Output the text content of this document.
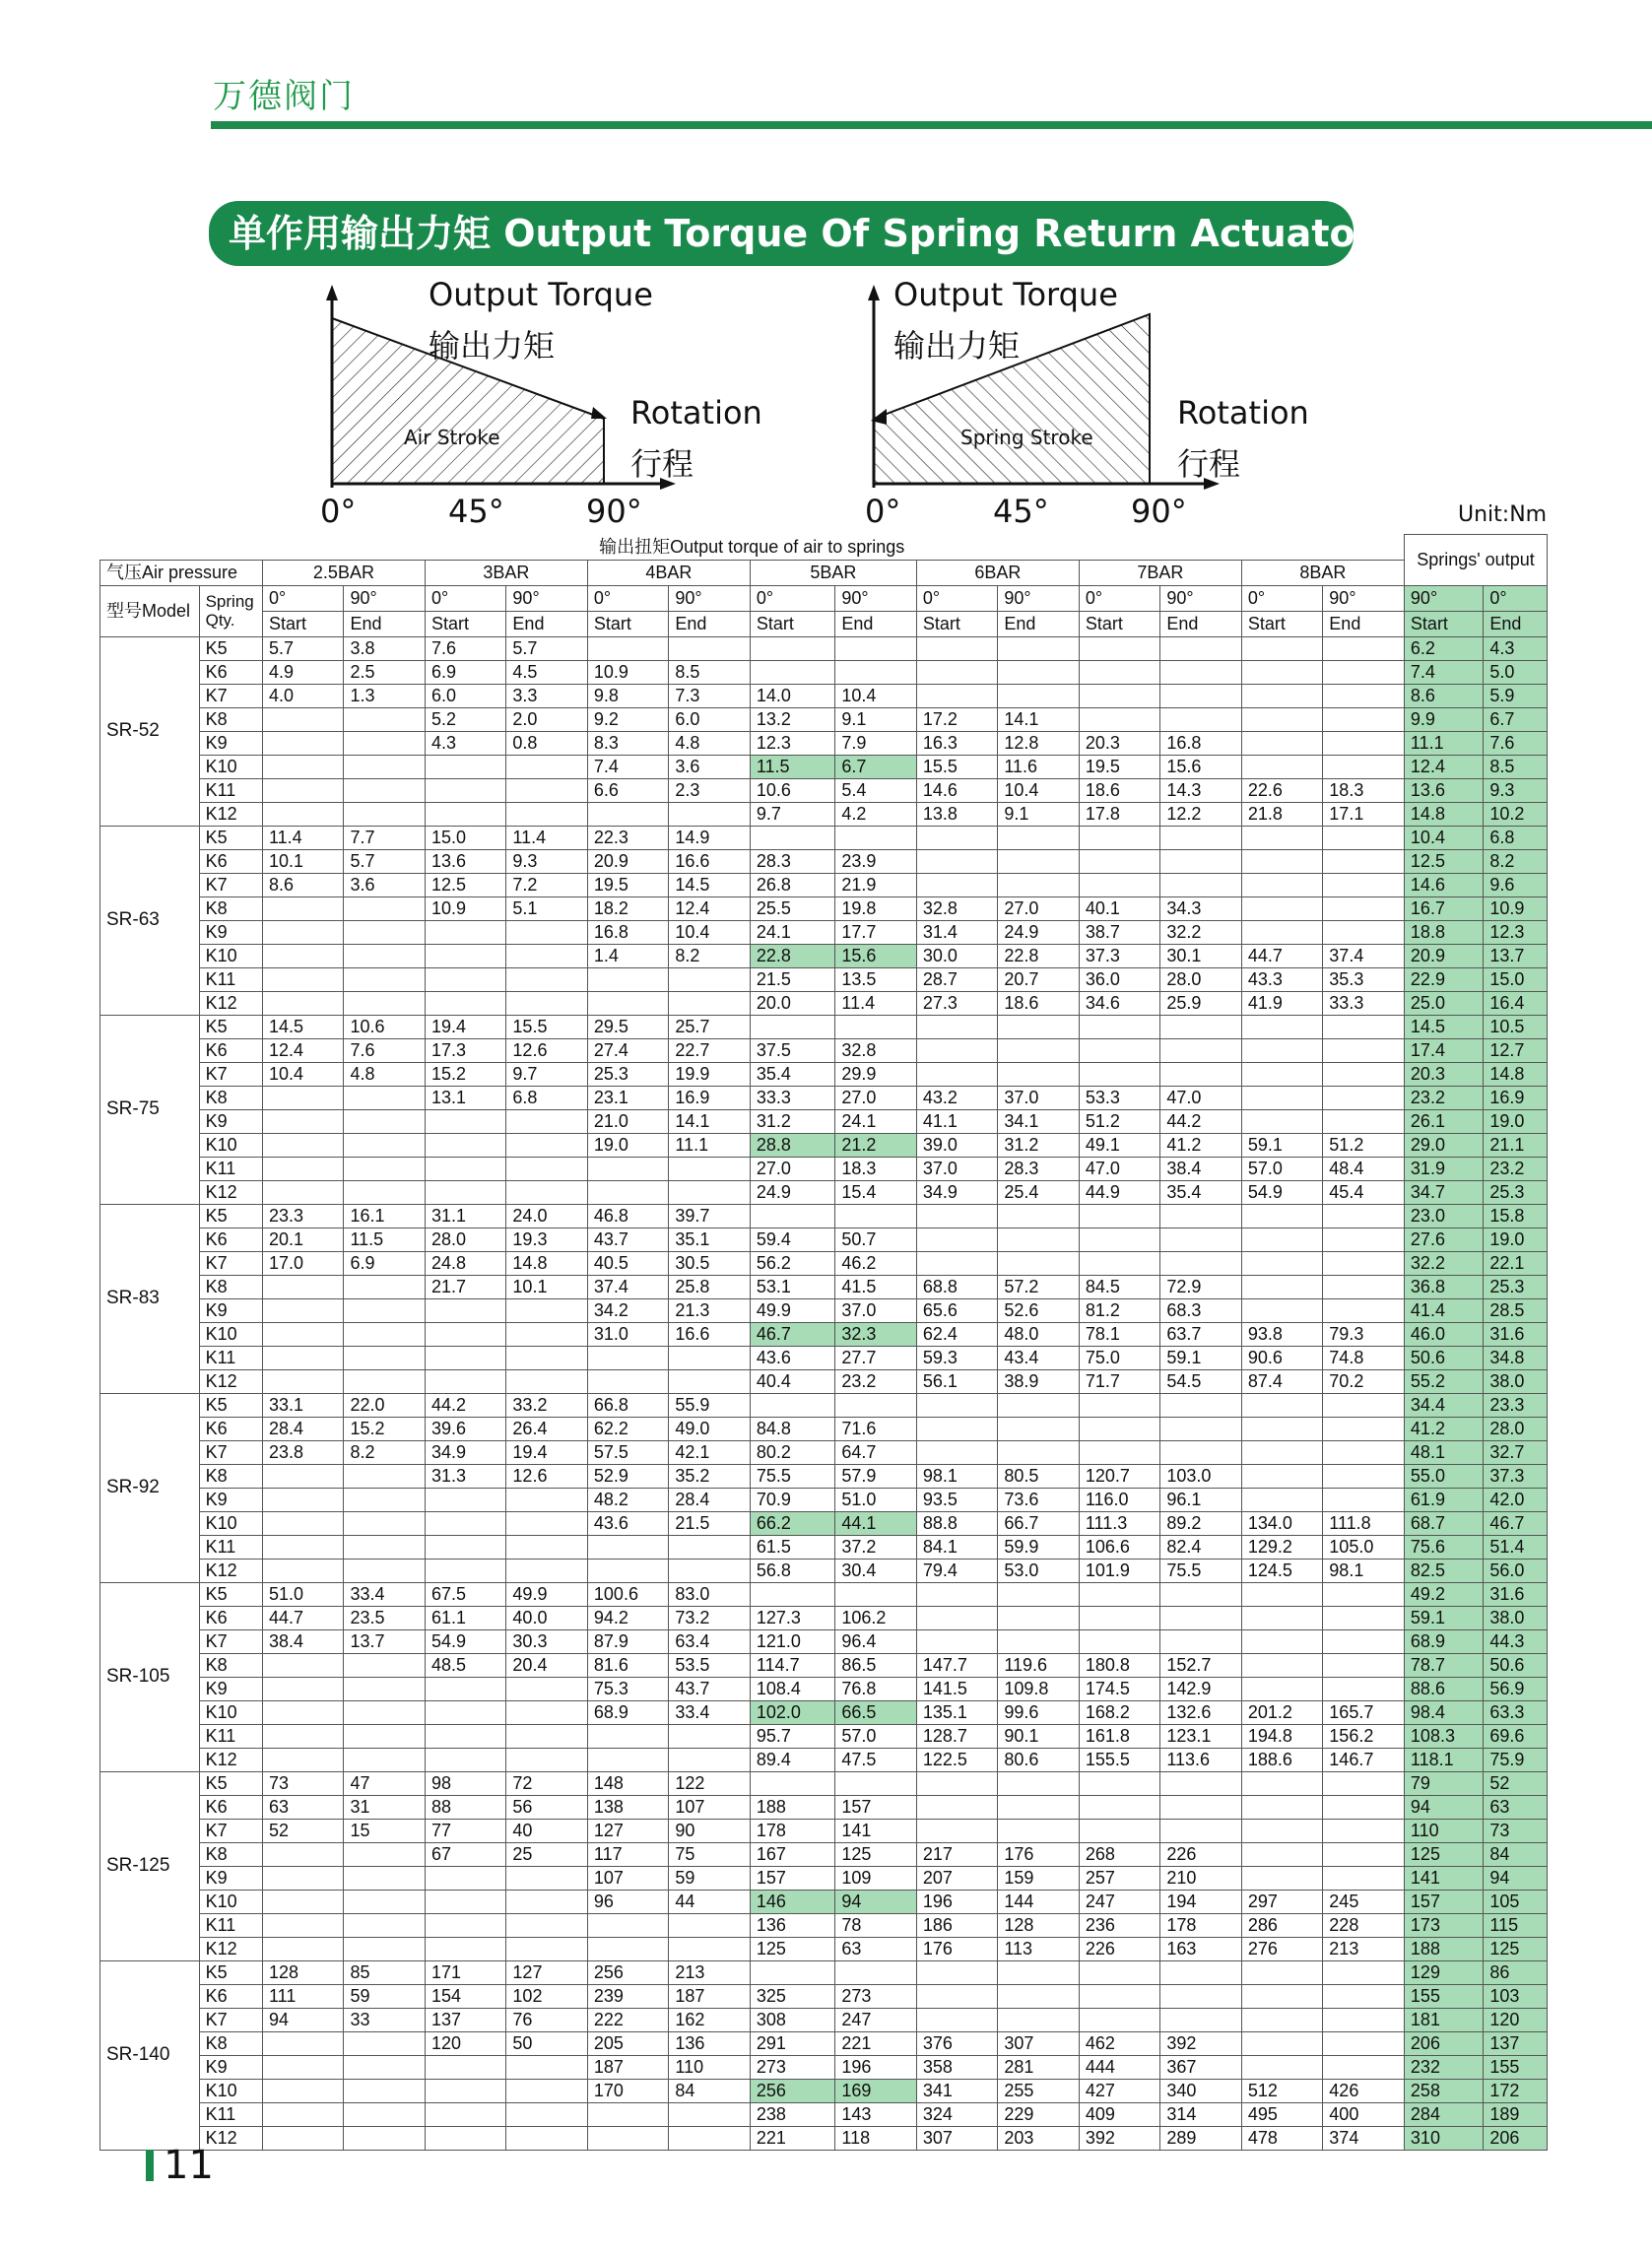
万德阀门
单作用输出力矩 Output Torque Of Spring Return Actuators
Output Torque
输出力矩
Rotation
行程
Air Stroke
0°	45°	90°
Output Torque
输出力矩
Rotation
行程
Spring Stroke
0°	45°	90°	Unit:Nm
输出扭矩Output torque of air to springs																Springs' output	
气压Air pressure		2.5BAR		3BAR		4BAR		5BAR		6BAR		7BAR		8BAR			
型号Model	Spring Qty.	0°	90°	0°	90°	0°	90°	0°	90°	0°	90°	0°	90°	0°	90°	90°	0°
		Start	End	Start	End	Start	End	Start	End	Start	End	Start	End	Start	End	Start	End
SR-52	K5	5.7	3.8	7.6	5.7											6.2	4.3
	K6	4.9	2.5	6.9	4.5	10.9	8.5									7.4	5.0
	K7	4.0	1.3	6.0	3.3	9.8	7.3	14.0	10.4							8.6	5.9
	K8			5.2	2.0	9.2	6.0	13.2	9.1	17.2	14.1					9.9	6.7
	K9			4.3	0.8	8.3	4.8	12.3	7.9	16.3	12.8	20.3	16.8			11.1	7.6
	K10					7.4	3.6	11.5	6.7	15.5	11.6	19.5	15.6			12.4	8.5
	K11					6.6	2.3	10.6	5.4	14.6	10.4	18.6	14.3	22.6	18.3	13.6	9.3
	K12							9.7	4.2	13.8	9.1	17.8	12.2	21.8	17.1	14.8	10.2
SR-63	K5	11.4	7.7	15.0	11.4	22.3	14.9									10.4	6.8
	K6	10.1	5.7	13.6	9.3	20.9	16.6	28.3	23.9							12.5	8.2
	K7	8.6	3.6	12.5	7.2	19.5	14.5	26.8	21.9							14.6	9.6
	K8			10.9	5.1	18.2	12.4	25.5	19.8	32.8	27.0	40.1	34.3			16.7	10.9
	K9					16.8	10.4	24.1	17.7	31.4	24.9	38.7	32.2			18.8	12.3
	K10					1.4	8.2	22.8	15.6	30.0	22.8	37.3	30.1	44.7	37.4	20.9	13.7
	K11							21.5	13.5	28.7	20.7	36.0	28.0	43.3	35.3	22.9	15.0
	K12							20.0	11.4	27.3	18.6	34.6	25.9	41.9	33.3	25.0	16.4
SR-75	K5	14.5	10.6	19.4	15.5	29.5	25.7									14.5	10.5
	K6	12.4	7.6	17.3	12.6	27.4	22.7	37.5	32.8							17.4	12.7
	K7	10.4	4.8	15.2	9.7	25.3	19.9	35.4	29.9							20.3	14.8
	K8			13.1	6.8	23.1	16.9	33.3	27.0	43.2	37.0	53.3	47.0			23.2	16.9
	K9					21.0	14.1	31.2	24.1	41.1	34.1	51.2	44.2			26.1	19.0
	K10					19.0	11.1	28.8	21.2	39.0	31.2	49.1	41.2	59.1	51.2	29.0	21.1
	K11							27.0	18.3	37.0	28.3	47.0	38.4	57.0	48.4	31.9	23.2
	K12							24.9	15.4	34.9	25.4	44.9	35.4	54.9	45.4	34.7	25.3
SR-83	K5	23.3	16.1	31.1	24.0	46.8	39.7									23.0	15.8
	K6	20.1	11.5	28.0	19.3	43.7	35.1	59.4	50.7							27.6	19.0
	K7	17.0	6.9	24.8	14.8	40.5	30.5	56.2	46.2							32.2	22.1
	K8			21.7	10.1	37.4	25.8	53.1	41.5	68.8	57.2	84.5	72.9			36.8	25.3
	K9					34.2	21.3	49.9	37.0	65.6	52.6	81.2	68.3			41.4	28.5
	K10					31.0	16.6	46.7	32.3	62.4	48.0	78.1	63.7	93.8	79.3	46.0	31.6
	K11							43.6	27.7	59.3	43.4	75.0	59.1	90.6	74.8	50.6	34.8
	K12							40.4	23.2	56.1	38.9	71.7	54.5	87.4	70.2	55.2	38.0
SR-92	K5	33.1	22.0	44.2	33.2	66.8	55.9									34.4	23.3
	K6	28.4	15.2	39.6	26.4	62.2	49.0	84.8	71.6							41.2	28.0
	K7	23.8	8.2	34.9	19.4	57.5	42.1	80.2	64.7							48.1	32.7
	K8			31.3	12.6	52.9	35.2	75.5	57.9	98.1	80.5	120.7	103.0			55.0	37.3
	K9					48.2	28.4	70.9	51.0	93.5	73.6	116.0	96.1			61.9	42.0
	K10					43.6	21.5	66.2	44.1	88.8	66.7	111.3	89.2	134.0	111.8	68.7	46.7
	K11							61.5	37.2	84.1	59.9	106.6	82.4	129.2	105.0	75.6	51.4
	K12							56.8	30.4	79.4	53.0	101.9	75.5	124.5	98.1	82.5	56.0
SR-105	K5	51.0	33.4	67.5	49.9	100.6	83.0									49.2	31.6
	K6	44.7	23.5	61.1	40.0	94.2	73.2	127.3	106.2							59.1	38.0
	K7	38.4	13.7	54.9	30.3	87.9	63.4	121.0	96.4							68.9	44.3
	K8			48.5	20.4	81.6	53.5	114.7	86.5	147.7	119.6	180.8	152.7			78.7	50.6
	K9					75.3	43.7	108.4	76.8	141.5	109.8	174.5	142.9			88.6	56.9
	K10					68.9	33.4	102.0	66.5	135.1	99.6	168.2	132.6	201.2	165.7	98.4	63.3
	K11							95.7	57.0	128.7	90.1	161.8	123.1	194.8	156.2	108.3	69.6
	K12							89.4	47.5	122.5	80.6	155.5	113.6	188.6	146.7	118.1	75.9
SR-125	K5	73	47	98	72	148	122									79	52
	K6	63	31	88	56	138	107	188	157							94	63
	K7	52	15	77	40	127	90	178	141							110	73
	K8			67	25	117	75	167	125	217	176	268	226			125	84
	K9					107	59	157	109	207	159	257	210			141	94
	K10					96	44	146	94	196	144	247	194	297	245	157	105
	K11							136	78	186	128	236	178	286	228	173	115
	K12							125	63	176	113	226	163	276	213	188	125
SR-140	K5	128	85	171	127	256	213									129	86
	K6	111	59	154	102	239	187	325	273							155	103
	K7	94	33	137	76	222	162	308	247							181	120
	K8			120	50	205	136	291	221	376	307	462	392			206	137
	K9					187	110	273	196	358	281	444	367			232	155
	K10					170	84	256	169	341	255	427	340	512	426	258	172
	K11							238	143	324	229	409	314	495	400	284	189
	K12							221	118	307	203	392	289	478	374	310	206
11
